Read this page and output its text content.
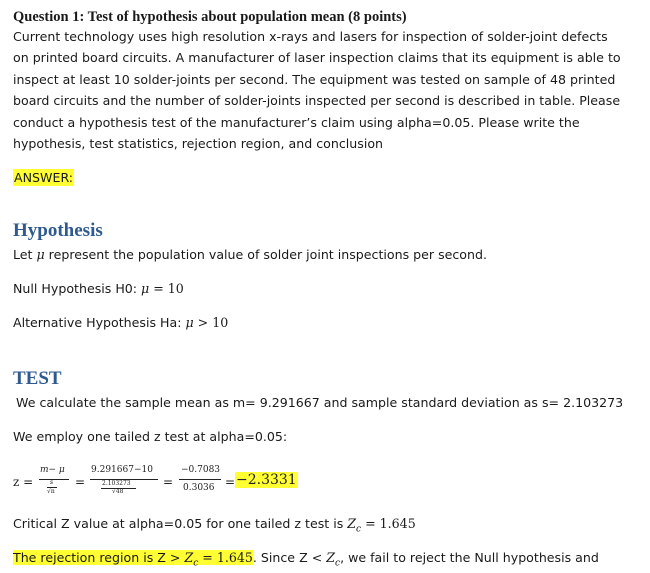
Question 1: Test of hypothesis about population mean (8 points)

Current technology uses high resolution x-rays and lasers for inspection of solder-joint defects on printed board circuits. A manufacturer of laser inspection claims that its equipment is able to inspect at least 10 solder-joints per second. The equipment was tested on sample of 48 printed board circuits and the number of solder-joints inspected per second is described in table. Please conduct a hypothesis test of the manufacturer’s claim using alpha=0.05. Please write the hypothesis, test statistics, rejection region, and conclusion

ANSWER:

Hypothesis

Let μ represent the population value of solder joint inspections per second.

Null Hypothesis H0: μ = 10

Alternative Hypothesis Ha: μ > 10

TEST

We calculate the sample mean as m= 9.291667 and sample standard deviation as s= 2.103273

We employ one tailed z test at alpha=0.05:

Critical Z value at alpha=0.05 for one tailed z test is $Z_c = 1.645$

The rejection region is $Z > Z_c = 1.645$. Since $Z < Z_c$, we fail to reject the Null hypothesis and

z =
m− μ
s
√n
=
9.291667−10
2.103273
√48
=
−0.7083
0.3036 = −2.3331
